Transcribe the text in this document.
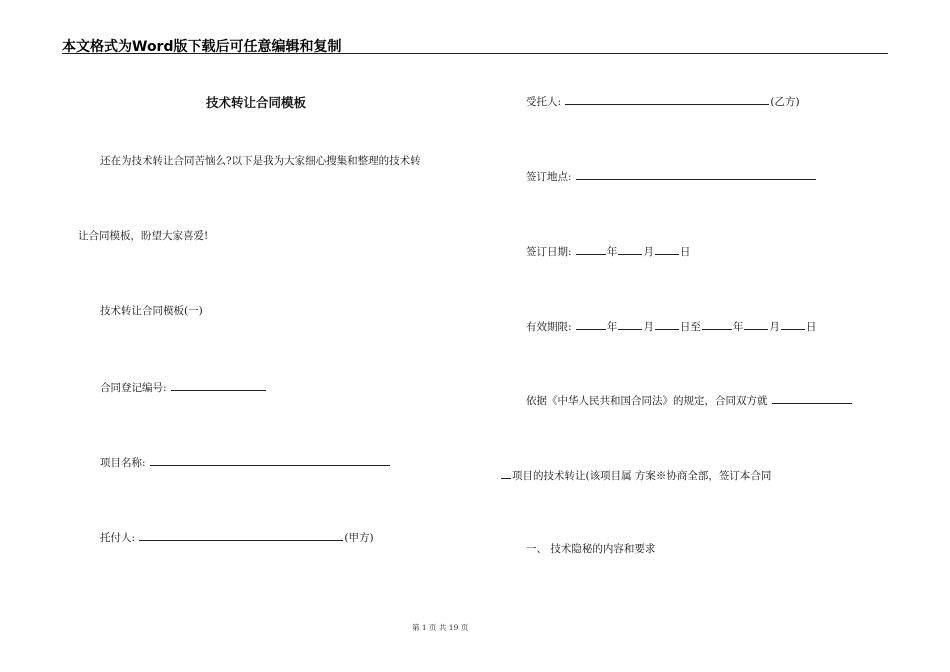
本文格式为Word版下载后可任意编辑和复制
技术转让合同模板
还在为技术转让合同苦恼么?以下是我为大家细心搜集和整理的技术转
让合同模板，盼望大家喜爱!
技术转让合同模板(一)
合同登记编号:
项目名称:
托付人:	(甲方)
受托人:	(乙方)
签订地点:
签订日期:	年 月 日
有效期限:	年 月 日至	年 月 日
依据《中华人民共和国合同法》的规定，合同双方就
项目的技术转让(该项目属 方案※协商全部，签订本合同
一、 技术隐秘的内容和要求
第 1 页 共 19 页
